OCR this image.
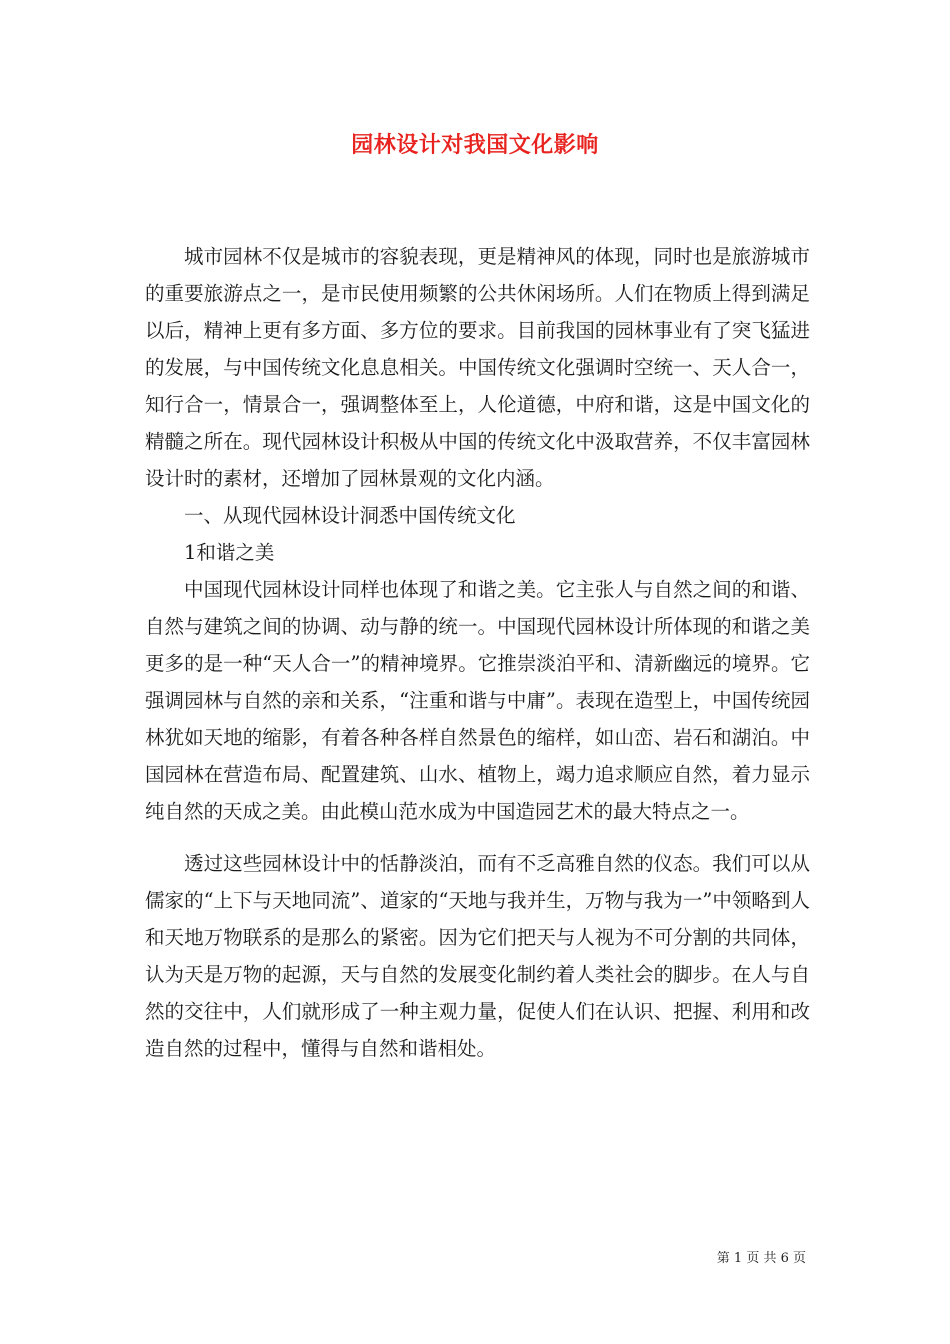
园林设计对我国文化影响

城市园林不仅是城市的容貌表现，更是精神风的体现，同时也是旅游城市的重要旅游点之一，是市民使用频繁的公共休闲场所。人们在物质上得到满足以后，精神上更有多方面、多方位的要求。目前我国的园林事业有了突飞猛进的发展，与中国传统文化息息相关。中国传统文化强调时空统一、天人合一，知行合一，情景合一，强调整体至上，人伦道德，中府和谐，这是中国文化的精髓之所在。现代园林设计积极从中国的传统文化中汲取营养，不仅丰富园林设计时的素材，还增加了园林景观的文化内涵。

一、从现代园林设计洞悉中国传统文化

1和谐之美

中国现代园林设计同样也体现了和谐之美。它主张人与自然之间的和谐、自然与建筑之间的协调、动与静的统一。中国现代园林设计所体现的和谐之美更多的是一种“天人合一”的精神境界。它推崇淡泊平和、清新幽远的境界。它强调园林与自然的亲和关系，“注重和谐与中庸”。表现在造型上，中国传统园林犹如天地的缩影，有着各种各样自然景色的缩样，如山峦、岩石和湖泊。中国园林在营造布局、配置建筑、山水、植物上，竭力追求顺应自然，着力显示纯自然的天成之美。由此模山范水成为中国造园艺术的最大特点之一。

透过这些园林设计中的恬静淡泊，而有不乏高雅自然的仪态。我们可以从儒家的“上下与天地同流”、道家的“天地与我并生，万物与我为一”中领略到人和天地万物联系的是那么的紧密。因为它们把天与人视为不可分割的共同体，认为天是万物的起源，天与自然的发展变化制约着人类社会的脚步。在人与自然的交往中，人们就形成了一种主观力量，促使人们在认识、把握、利用和改造自然的过程中，懂得与自然和谐相处。

第 1 页 共 6 页
